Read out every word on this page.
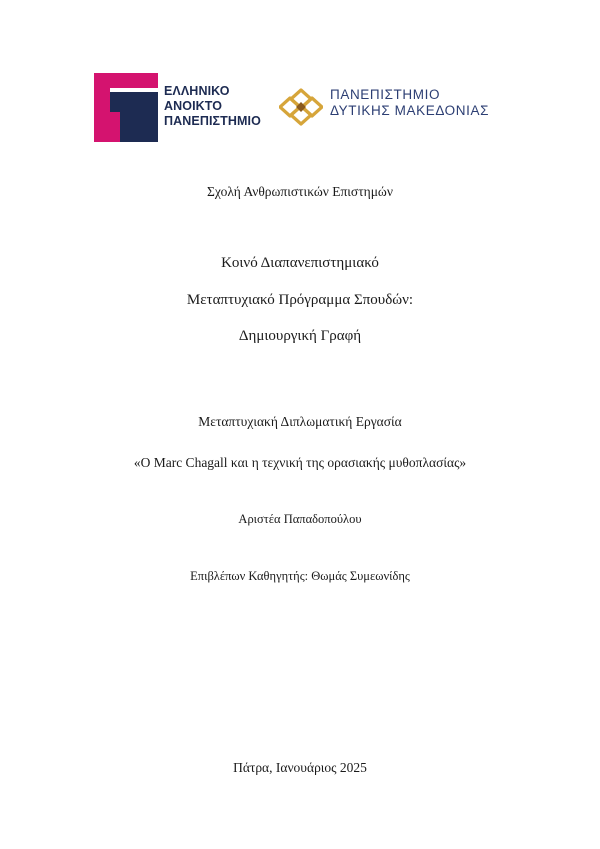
ΕΛΛΗΝΙΚΟ
ΑΝΟΙΚΤΟ
ΠΑΝΕΠΙΣΤΗΜΙΟ
ΠΑΝΕΠΙΣΤΗΜΙΟ
ΔΥΤΙΚΗΣ ΜΑΚΕΔΟΝΙΑΣ
Σχολή Ανθρωπιστικών Επιστημών
Κοινό Διαπανεπιστημιακό
Μεταπτυχιακό Πρόγραμμα Σπουδών:
Δημιουργική Γραφή
Μεταπτυχιακή Διπλωματική Εργασία
«Ο Marc Chagall και η τεχνική της ορασιακής μυθοπλασίας»
Αριστέα Παπαδοπούλου
Επιβλέπων Καθηγητής: Θωμάς Συμεωνίδης
Πάτρα, Ιανουάριος 2025
